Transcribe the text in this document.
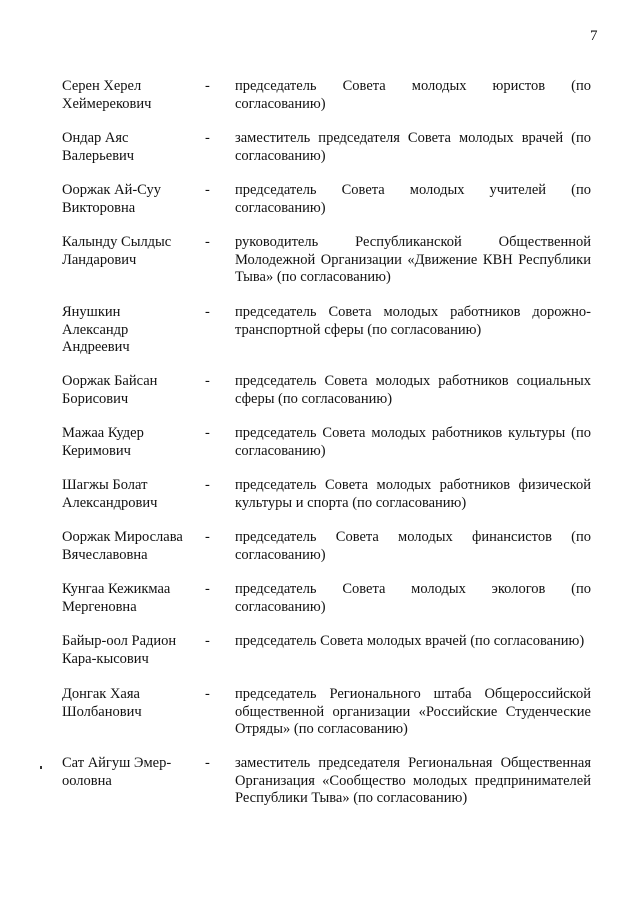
7
Серен Херел
Хеймерекович
- председатель Совета молодых юристов (по согласованию)
Ондар Аяс
Валерьевич
- заместитель председателя Совета молодых врачей (по согласованию)
Ооржак Ай-Суу
Викторовна
- председатель Совета молодых учителей (по согласованию)
Калынду Сылдыс
Ландарович
- руководитель Республиканской Общественной Молодежной Организации «Движение КВН Республики Тыва» (по согласованию)
Янушкин
Александр
Андреевич
- председатель Совета молодых работников дорожно-транспортной сферы (по согласованию)
Ооржак Байсан
Борисович
- председатель Совета молодых работников социальных сферы (по согласованию)
Мажаа Кудер
Керимович
- председатель Совета молодых работников культуры (по согласованию)
Шагжы Болат
Александрович
- председатель Совета молодых работников физической культуры и спорта (по согласованию)
Ооржак Мирослава
Вячеславовна
- председатель Совета молодых финансистов (по согласованию)
Кунгаа Кежикмаа
Мергеновна
- председатель Совета молодых экологов (по согласованию)
Байыр-оол Радион
Кара-кысович
- председатель Совета молодых врачей (по согласованию)
Донгак Хаяа
Шолбанович
- председатель Регионального штаба Общероссийской общественной организации «Российские Студенческие Отряды» (по согласованию)
Сат Айгуш Эмер-
ооловна
- заместитель председателя Региональная Общественная Организация «Сообщество молодых предпринимателей Республики Тыва» (по согласованию)
